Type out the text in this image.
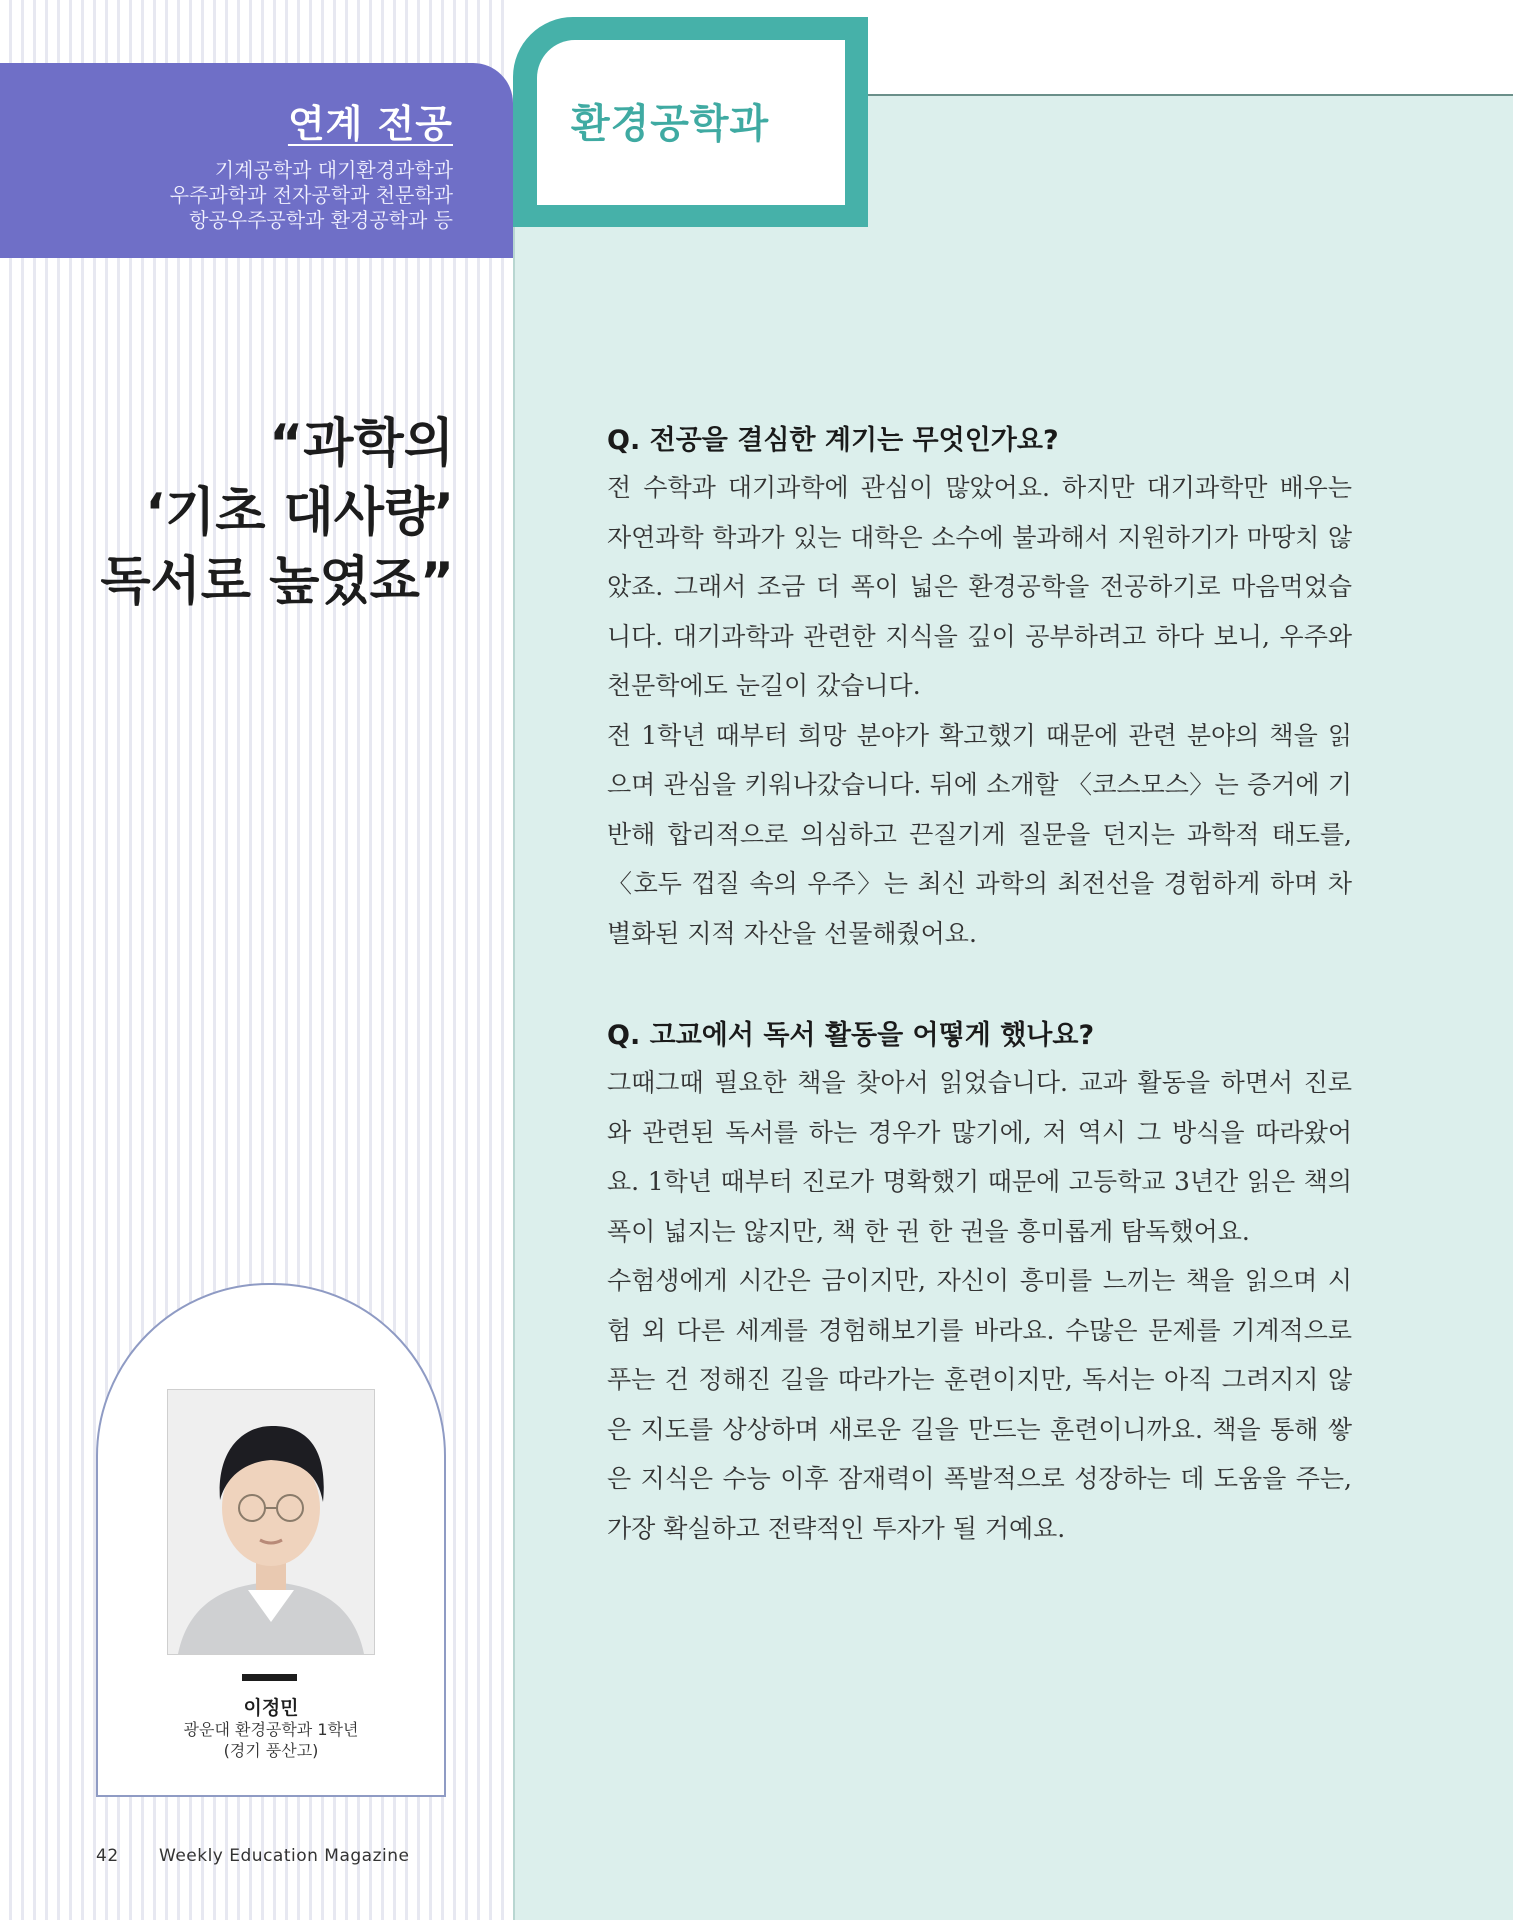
연계 전공
기계공학과 대기환경과학과
우주과학과 전자공학과 천문학과
항공우주공학과 환경공학과 등
환경공학과
“과학의
‘기초 대사량’
독서로 높였죠”
Q. 전공을 결심한 계기는 무엇인가요?

전 수학과 대기과학에 관심이 많았어요. 하지만 대기과학만 배우는 자연과학 학과가 있는 대학은 소수에 불과해서 지원하기가 마땅치 않았죠. 그래서 조금 더 폭이 넓은 환경공학을 전공하기로 마음먹었습니다. 대기과학과 관련한 지식을 깊이 공부하려고 하다 보니, 우주와 천문학에도 눈길이 갔습니다.

전 1학년 때부터 희망 분야가 확고했기 때문에 관련 분야의 책을 읽으며 관심을 키워나갔습니다. 뒤에 소개할 〈코스모스〉는 증거에 기반해 합리적으로 의심하고 끈질기게 질문을 던지는 과학적 태도를, 〈호두 껍질 속의 우주〉는 최신 과학의 최전선을 경험하게 하며 차별화된 지적 자산을 선물해줬어요.

Q. 고교에서 독서 활동을 어떻게 했나요?

그때그때 필요한 책을 찾아서 읽었습니다. 교과 활동을 하면서 진로와 관련된 독서를 하는 경우가 많기에, 저 역시 그 방식을 따라왔어요. 1학년 때부터 진로가 명확했기 때문에 고등학교 3년간 읽은 책의 폭이 넓지는 않지만, 책 한 권 한 권을 흥미롭게 탐독했어요.

수험생에게 시간은 금이지만, 자신이 흥미를 느끼는 책을 읽으며 시험 외 다른 세계를 경험해보기를 바라요. 수많은 문제를 기계적으로 푸는 건 정해진 길을 따라가는 훈련이지만, 독서는 아직 그려지지 않은 지도를 상상하며 새로운 길을 만드는 훈련이니까요. 책을 통해 쌓은 지식은 수능 이후 잠재력이 폭발적으로 성장하는 데 도움을 주는, 가장 확실하고 전략적인 투자가 될 거예요.

이정민
광운대 환경공학과 1학년
(경기 풍산고)
42 Weekly Education Magazine
